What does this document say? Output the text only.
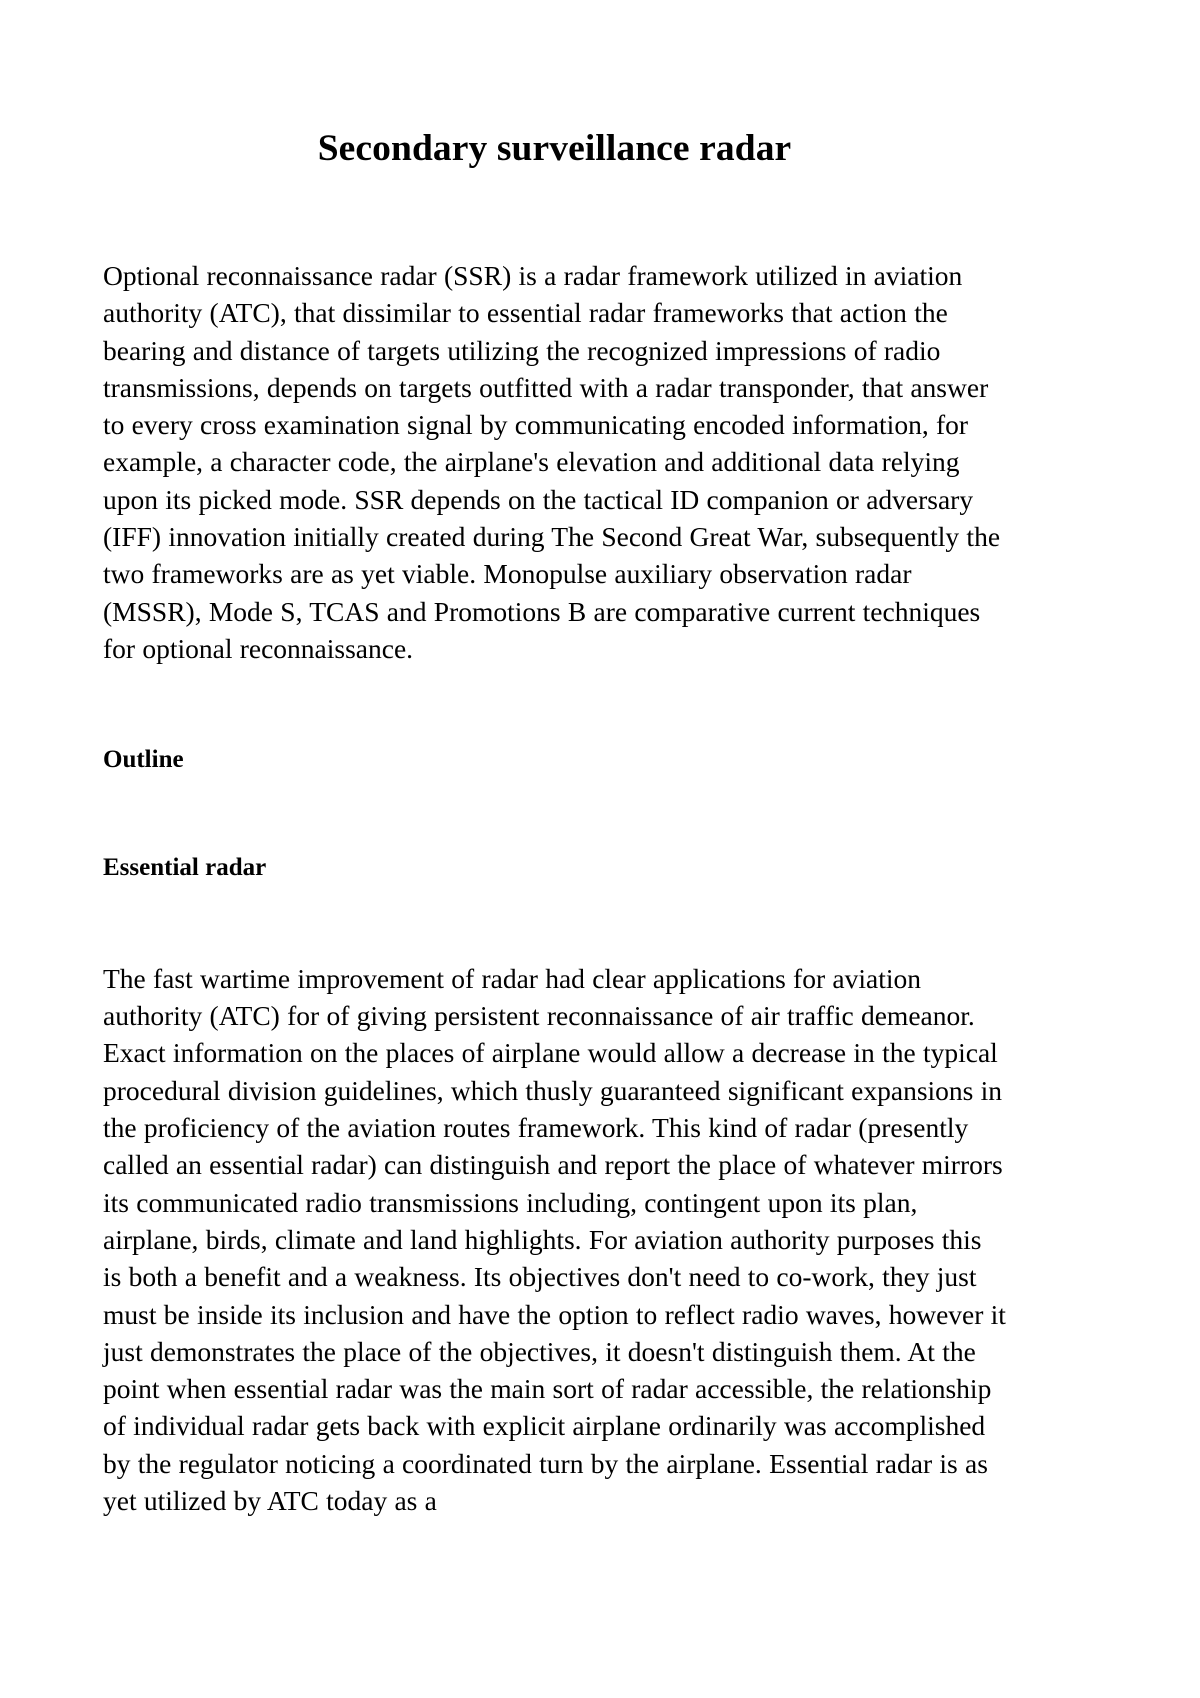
Secondary surveillance radar

Optional reconnaissance radar (SSR) is a radar framework utilized in aviation authority (ATC), that dissimilar to essential radar frameworks that action the bearing and distance of targets utilizing the recognized impressions of radio transmissions, depends on targets outfitted with a radar transponder, that answer to every cross examination signal by communicating encoded information, for example, a character code, the airplane's elevation and additional data relying upon its picked mode. SSR depends on the tactical ID companion or adversary (IFF) innovation initially created during The Second Great War, subsequently the two frameworks are as yet viable. Monopulse auxiliary observation radar (MSSR), Mode S, TCAS and Promotions B are comparative current techniques for optional reconnaissance.

Outline
Essential radar

The fast wartime improvement of radar had clear applications for aviation authority (ATC) for of giving persistent reconnaissance of air traffic demeanor. Exact information on the places of airplane would allow a decrease in the typical procedural division guidelines, which thusly guaranteed significant expansions in the proficiency of the aviation routes framework. This kind of radar (presently called an essential radar) can distinguish and report the place of whatever mirrors its communicated radio transmissions including, contingent upon its plan, airplane, birds, climate and land highlights. For aviation authority purposes this is both a benefit and a weakness. Its objectives don't need to co-work, they just must be inside its inclusion and have the option to reflect radio waves, however it just demonstrates the place of the objectives, it doesn't distinguish them. At the point when essential radar was the main sort of radar accessible, the relationship of individual radar gets back with explicit airplane ordinarily was accomplished by the regulator noticing a coordinated turn by the airplane. Essential radar is as yet utilized by ATC today as a
